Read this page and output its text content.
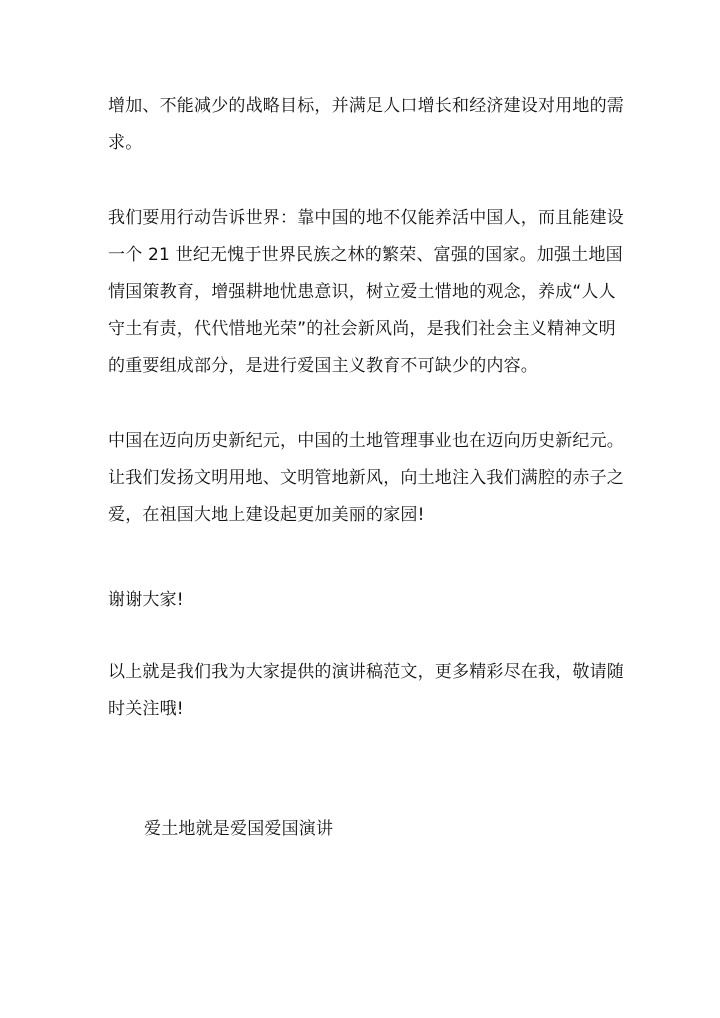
增加、不能减少的战略目标，并满足人口增长和经济建设对用地的需
求。
我们要用行动告诉世界：靠中国的地不仅能养活中国人，而且能建设
一个 21 世纪无愧于世界民族之林的繁荣、富强的国家。加强土地国
情国策教育，增强耕地忧患意识，树立爱土惜地的观念，养成“人人
守土有责，代代惜地光荣”的社会新风尚，是我们社会主义精神文明
的重要组成部分，是进行爱国主义教育不可缺少的内容。
中国在迈向历史新纪元，中国的土地管理事业也在迈向历史新纪元。
让我们发扬文明用地、文明管地新风，向土地注入我们满腔的赤子之
爱，在祖国大地上建设起更加美丽的家园!
谢谢大家!
以上就是我们我为大家提供的演讲稿范文，更多精彩尽在我，敬请随
时关注哦!
爱土地就是爱国爱国演讲
